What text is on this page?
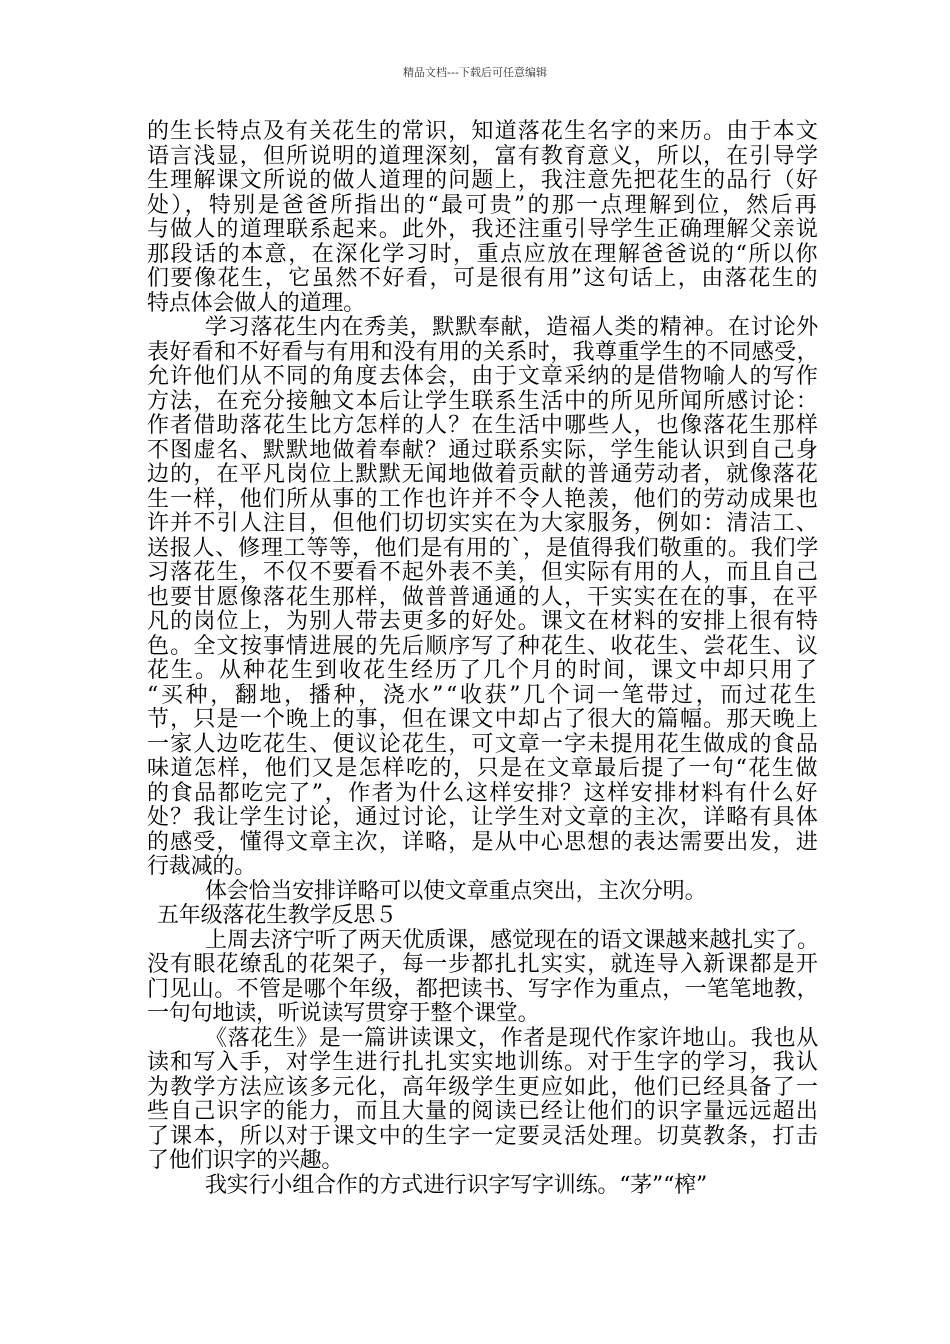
精品文档---下载后可任意编辑
的生长特点及有关花生的常识，知道落花生名字的来历。由于本文
语言浅显，但所说明的道理深刻，富有教育意义，所以，在引导学
生理解课文所说的做人道理的问题上，我注意先把花生的品行（好
处），特别是爸爸所指出的“最可贵”的那一点理解到位，然后再
与做人的道理联系起来。此外，我还注重引导学生正确理解父亲说
那段话的本意，在深化学习时，重点应放在理解爸爸说的“所以你
们要像花生，它虽然不好看，可是很有用”这句话上，由落花生的
特点体会做人的道理。
学习落花生内在秀美，默默奉献，造福人类的精神。在讨论外
表好看和不好看与有用和没有用的关系时，我尊重学生的不同感受，
允许他们从不同的角度去体会，由于文章采纳的是借物喻人的写作
方法，在充分接触文本后让学生联系生活中的所见所闻所感讨论：
作者借助落花生比方怎样的人？在生活中哪些人，也像落花生那样
不图虚名、默默地做着奉献？通过联系实际，学生能认识到自己身
边的，在平凡岗位上默默无闻地做着贡献的普通劳动者，就像落花
生一样，他们所从事的工作也许并不令人艳羡，他们的劳动成果也
许并不引人注目，但他们切切实实在为大家服务，例如：清洁工、
送报人、修理工等等，他们是有用的`，是值得我们敬重的。我们学
习落花生，不仅不要看不起外表不美，但实际有用的人，而且自己
也要甘愿像落花生那样，做普普通通的人，干实实在在的事，在平
凡的岗位上，为别人带去更多的好处。课文在材料的安排上很有特
色。全文按事情进展的先后顺序写了种花生、收花生、尝花生、议
花生。从种花生到收花生经历了几个月的时间，课文中却只用了
“买种，翻地，播种，浇水”“收获”几个词一笔带过，而过花生
节，只是一个晚上的事，但在课文中却占了很大的篇幅。那天晚上
一家人边吃花生、便议论花生，可文章一字未提用花生做成的食品
味道怎样，他们又是怎样吃的，只是在文章最后提了一句“花生做
的食品都吃完了”，作者为什么这样安排？这样安排材料有什么好
处？我让学生讨论，通过讨论，让学生对文章的主次，详略有具体
的感受，懂得文章主次，详略，是从中心思想的表达需要出发，进
行裁减的。
体会恰当安排详略可以使文章重点突出，主次分明。
五年级落花生教学反思５
上周去济宁听了两天优质课，感觉现在的语文课越来越扎实了。
没有眼花缭乱的花架子，每一步都扎扎实实，就连导入新课都是开
门见山。不管是哪个年级，都把读书、写字作为重点，一笔笔地教，
一句句地读，听说读写贯穿于整个课堂。
《落花生》是一篇讲读课文，作者是现代作家许地山。我也从
读和写入手，对学生进行扎扎实实地训练。对于生字的学习，我认
为教学方法应该多元化，高年级学生更应如此，他们已经具备了一
些自己识字的能力，而且大量的阅读已经让他们的识字量远远超出
了课本，所以对于课文中的生字一定要灵活处理。切莫教条，打击
了他们识字的兴趣。
我实行小组合作的方式进行识字写字训练。“茅”“榨”
